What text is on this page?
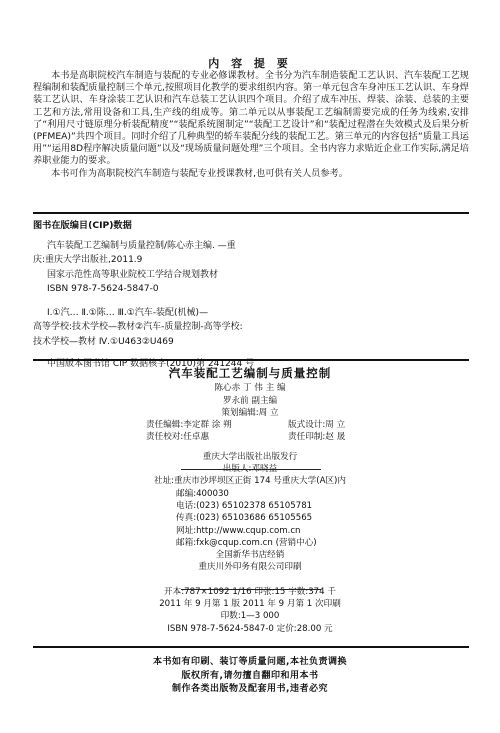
内 容 提 要

本书是高职院校汽车制造与装配的专业必修课教材。全书分为汽车制造装配工艺认识、汽车装配工艺规程编制和装配质量控制三个单元,按照项目化教学的要求组织内容。第一单元包含车身冲压工艺认识、车身焊装工艺认识、车身涂装工艺认识和汽车总装工艺认识四个项目。介绍了成车冲压、焊装、涂装、总装的主要工艺和方法,常用设备和工具,生产线的组成等。第二单元以从事装配工艺编制需要完成的任务为线索,安排了“利用尺寸链原理分析装配精度”“装配系统图制定”“装配工艺设计”和“装配过程潜在失效模式及后果分析(PFMEA)”共四个项目。同时介绍了几种典型的轿车装配分线的装配工艺。第三单元的内容包括“质量工具运用”“运用8D程序解决质量问题”以及“现场质量问题处理”三个项目。全书内容力求贴近企业工作实际,满足培养职业能力的要求。

本书可作为高职院校汽车制造与装配专业授课教材,也可供有关人员参考。

图书在版编目(CIP)数据
汽车装配工艺编制与质量控制/陈心赤主编. —重
庆:重庆大学出版社,2011.9
国家示范性高等职业院校工学结合规划教材
ISBN 978-7-5624-5847-0
Ⅰ.①汽… Ⅱ.①陈… Ⅲ.①汽车-装配(机械)—
高等学校:技术学校—教材②汽车-质量控制-高等学校:
技术学校—教材 Ⅳ.①U463②U469
中国版本图书馆 CIP 数据核字(2010)第 241244 号
汽车装配工艺编制与质量控制
陈心赤 丁 伟 主 编
罗永前 副主编
策划编辑:周 立
责任编辑:李定群 涂 朔	版式设计:周 立
责任校对:任卓惠	责任印制:赵 晟
重庆大学出版社出版发行
出版人:邓晓益
社址:重庆市沙坪坝区正街 174 号重庆大学(A区)内
邮编:400030
电话:(023) 65102378 65105781
传真:(023) 65103686 65105565
网址:http://www.cqup.com.cn
邮箱:fxk@cqup.com.cn (营销中心)
全国新华书店经销
重庆川外印务有限公司印刷
开本:787×1092 1/16 印张:15 字数:374 千
2011 年 9 月第 1 版 2011 年 9 月第 1 次印刷
印数:1—3 000
ISBN 978-7-5624-5847-0 定价:28.00 元
本书如有印刷、装订等质量问题,本社负责调换
版权所有,请勿擅自翻印和用本书
制作各类出版物及配套用书,违者必究
